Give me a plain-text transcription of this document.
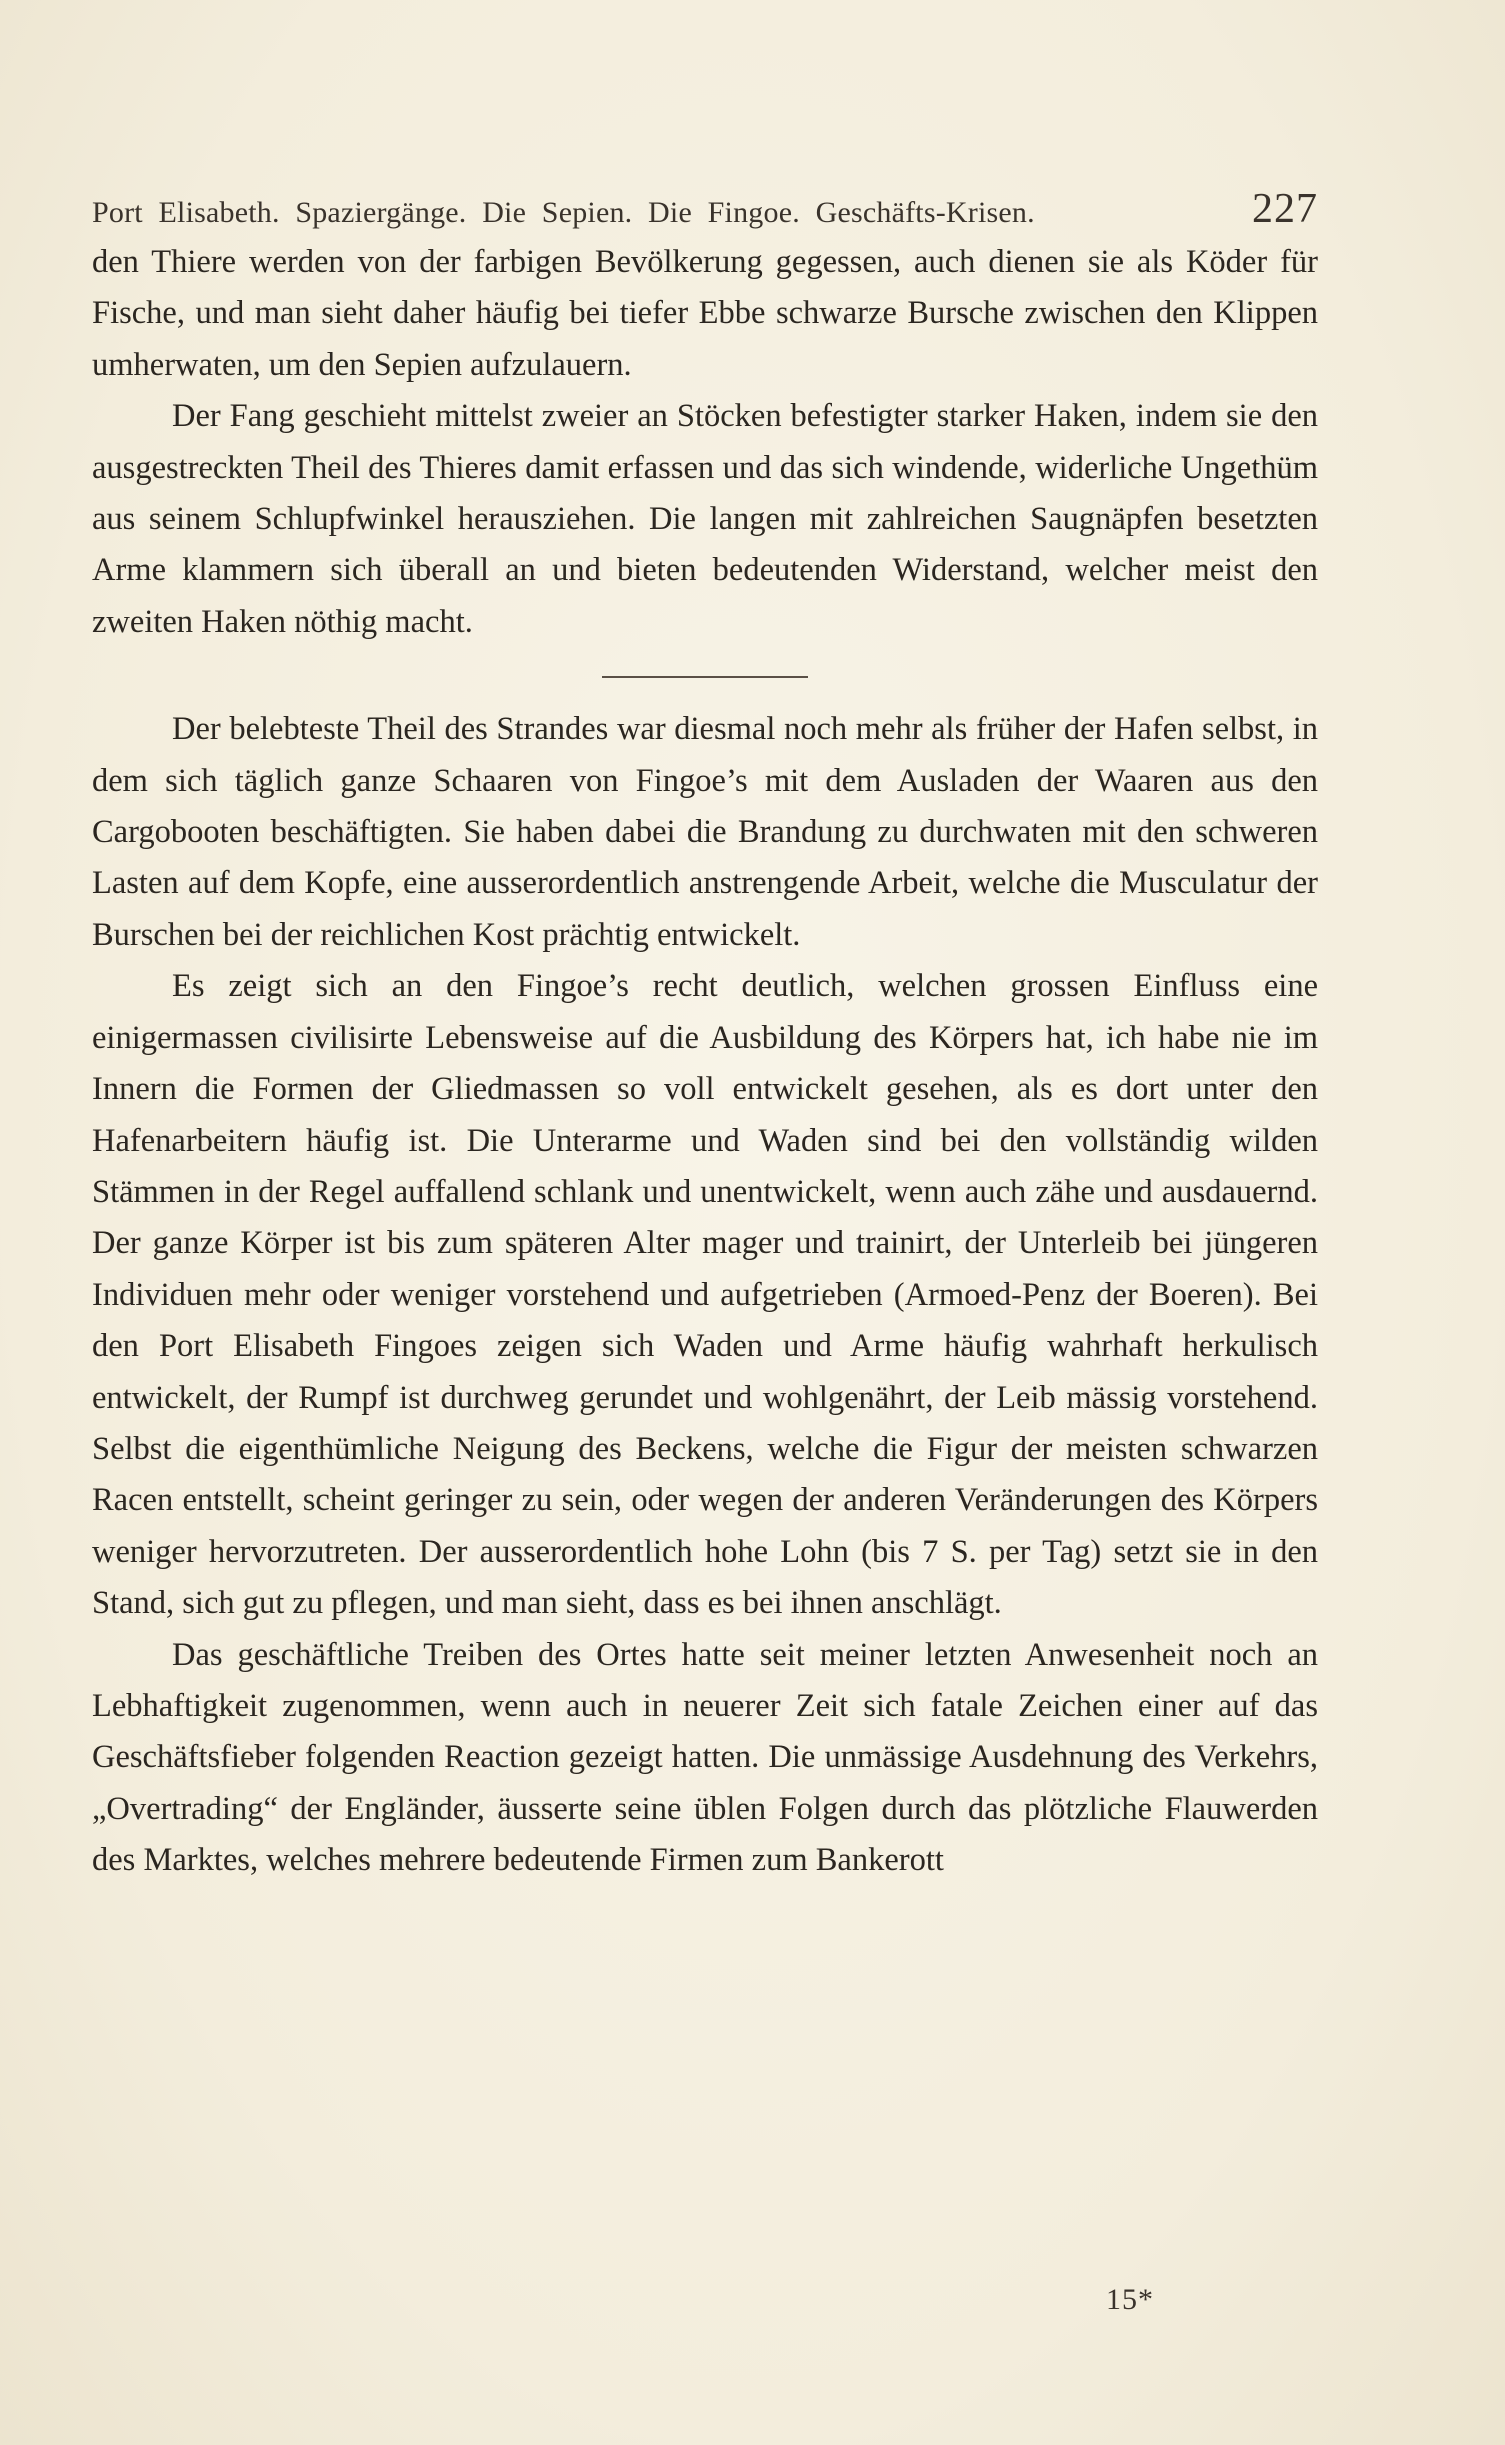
Port Elisabeth. Spaziergänge. Die Sepien. Die Fingoe. Geschäfts-Krisen.	227

den Thiere werden von der farbigen Bevölkerung gegessen, auch dienen sie als Köder für Fische, und man sieht daher häufig bei tiefer Ebbe schwarze Bursche zwischen den Klippen umherwaten, um den Sepien aufzulauern.

Der Fang geschieht mittelst zweier an Stöcken befestigter starker Haken, indem sie den ausgestreckten Theil des Thieres damit erfassen und das sich windende, widerliche Ungethüm aus seinem Schlupfwinkel herausziehen. Die langen mit zahlreichen Saugnäpfen besetzten Arme klammern sich überall an und bieten bedeutenden Widerstand, welcher meist den zweiten Haken nöthig macht.

Der belebteste Theil des Strandes war diesmal noch mehr als früher der Hafen selbst, in dem sich täglich ganze Schaaren von Fingoe’s mit dem Ausladen der Waaren aus den Cargobooten beschäftigten. Sie haben dabei die Brandung zu durchwaten mit den schweren Lasten auf dem Kopfe, eine ausserordentlich anstrengende Arbeit, welche die Musculatur der Burschen bei der reichlichen Kost prächtig entwickelt.

Es zeigt sich an den Fingoe’s recht deutlich, welchen grossen Einfluss eine einigermassen civilisirte Lebensweise auf die Ausbildung des Körpers hat, ich habe nie im Innern die Formen der Gliedmassen so voll entwickelt gesehen, als es dort unter den Hafenarbeitern häufig ist. Die Unterarme und Waden sind bei den vollständig wilden Stämmen in der Regel auffallend schlank und unentwickelt, wenn auch zähe und ausdauernd. Der ganze Körper ist bis zum späteren Alter mager und trainirt, der Unterleib bei jüngeren Individuen mehr oder weniger vorstehend und aufgetrieben (Armoed-Penz der Boeren). Bei den Port Elisabeth Fingoes zeigen sich Waden und Arme häufig wahrhaft herkulisch entwickelt, der Rumpf ist durchweg gerundet und wohlgenährt, der Leib mässig vorstehend. Selbst die eigenthümliche Neigung des Beckens, welche die Figur der meisten schwarzen Racen entstellt, scheint geringer zu sein, oder wegen der anderen Veränderungen des Körpers weniger hervorzutreten. Der ausserordentlich hohe Lohn (bis 7 S. per Tag) setzt sie in den Stand, sich gut zu pflegen, und man sieht, dass es bei ihnen anschlägt.

Das geschäftliche Treiben des Ortes hatte seit meiner letzten Anwesenheit noch an Lebhaftigkeit zugenommen, wenn auch in neuerer Zeit sich fatale Zeichen einer auf das Geschäftsfieber folgenden Reaction gezeigt hatten. Die unmässige Ausdehnung des Verkehrs, „Overtrading“ der Engländer, äusserte seine üblen Folgen durch das plötzliche Flauwerden des Marktes, welches mehrere bedeutende Firmen zum Bankerott

15*
